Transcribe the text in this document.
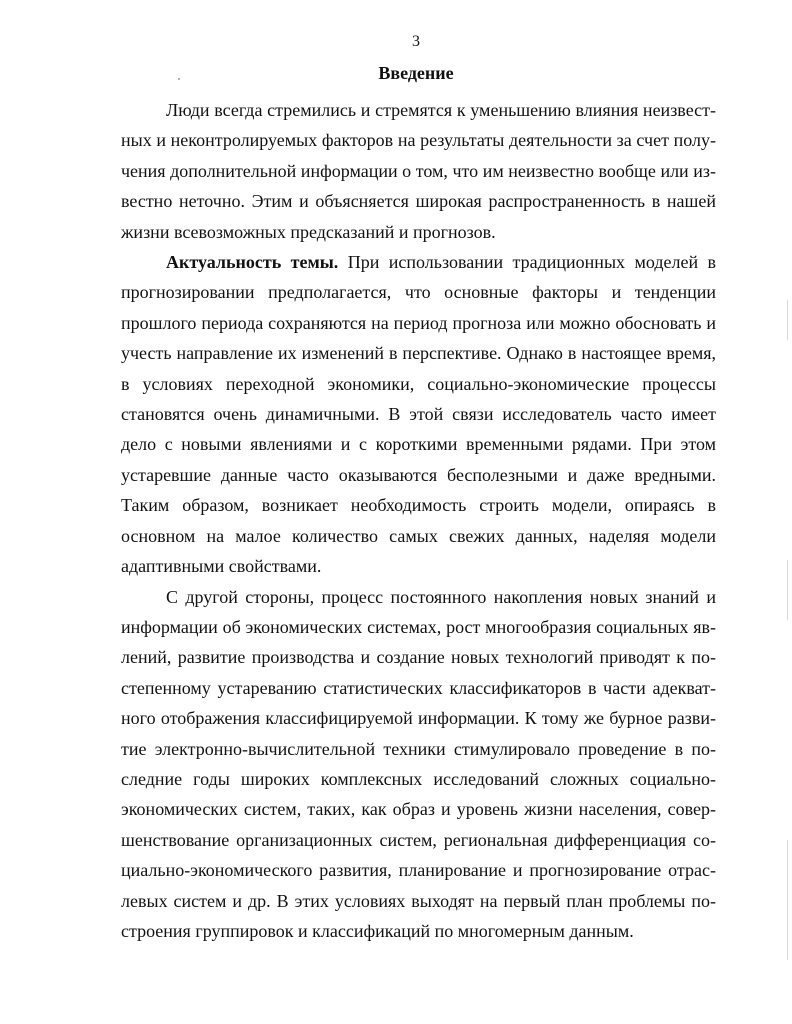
3
Введение

Люди всегда стремились и стремятся к уменьшению влияния неизвестных и неконтролируемых факторов на результаты деятельности за счет получения дополнительной информации о том, что им неизвестно вообще или известно неточно. Этим и объясняется широкая распространенность в нашей жизни всевозможных предсказаний и прогнозов.

Актуальность темы. При использовании традиционных моделей в прогнозировании предполагается, что основные факторы и тенденции прошлого периода сохраняются на период прогноза или можно обосновать и учесть направление их изменений в перспективе. Однако в настоящее время, в условиях переходной экономики, социально-экономические процессы становятся очень динамичными. В этой связи исследователь часто имеет дело с новыми явлениями и с короткими временными рядами. При этом устаревшие данные часто оказываются бесполезными и даже вредными. Таким образом, возникает необходимость строить модели, опираясь в основном на малое количество самых свежих данных, наделяя модели адаптивными свойствами.

С другой стороны, процесс постоянного накопления новых знаний и информации об экономических системах, рост многообразия социальных явлений, развитие производства и создание новых технологий приводят к постепенному устареванию статистических классификаторов в части адекватного отображения классифицируемой информации. К тому же бурное развитие электронно-вычислительной техники стимулировало проведение в последние годы широких комплексных исследований сложных социально-экономических систем, таких, как образ и уровень жизни населения, совершенствование организационных систем, региональная дифференциация социально-экономического развития, планирование и прогнозирование отраслевых систем и др. В этих условиях выходят на первый план проблемы построения группировок и классификаций по многомерным данным.
